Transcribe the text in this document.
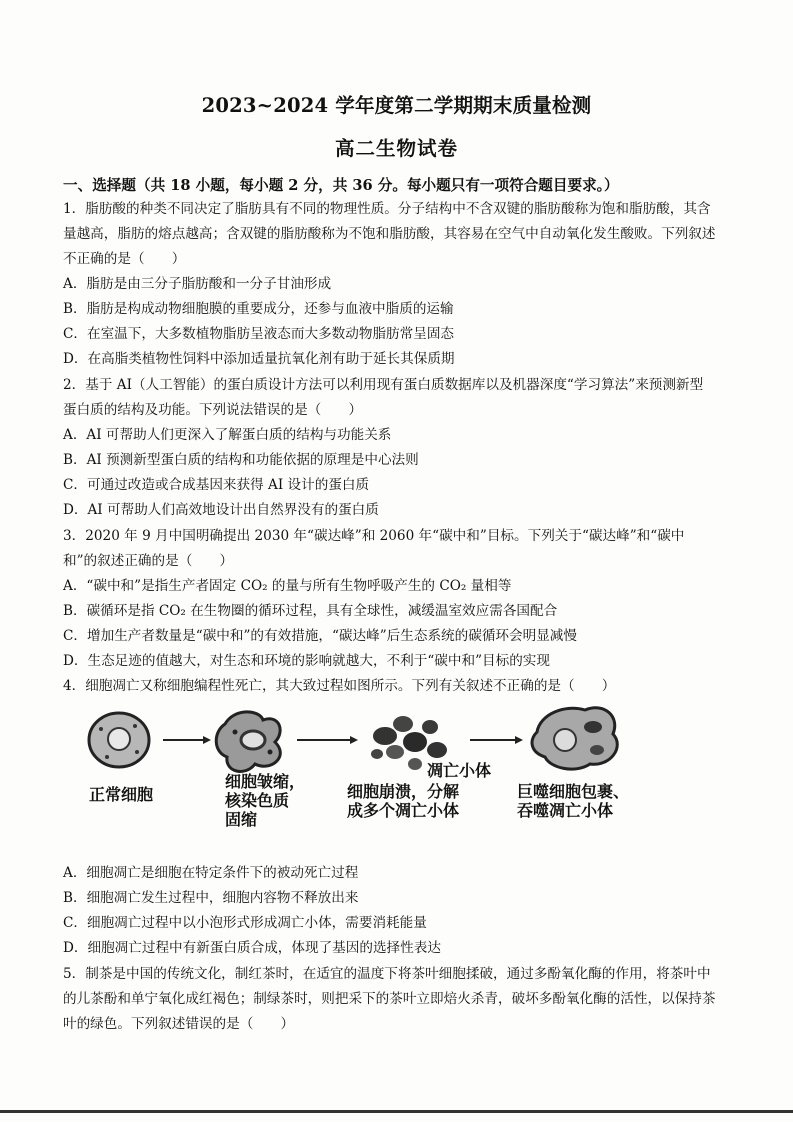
2023~2024 学年度第二学期期末质量检测
高二生物试卷
一、选择题（共 18 小题，每小题 2 分，共 36 分。每小题只有一项符合题目要求。）
1．脂肪酸的种类不同决定了脂肪具有不同的物理性质。分子结构中不含双键的脂肪酸称为饱和脂肪酸，其含
量越高，脂肪的熔点越高；含双键的脂肪酸称为不饱和脂肪酸，其容易在空气中自动氧化发生酸败。下列叙述
不正确的是（　　）
A．脂肪是由三分子脂肪酸和一分子甘油形成
B．脂肪是构成动物细胞膜的重要成分，还参与血液中脂质的运输
C．在室温下，大多数植物脂肪呈液态而大多数动物脂肪常呈固态
D．在高脂类植物性饲料中添加适量抗氧化剂有助于延长其保质期
2．基于 AI（人工智能）的蛋白质设计方法可以利用现有蛋白质数据库以及机器深度“学习算法”来预测新型
蛋白质的结构及功能。下列说法错误的是（　　）
A．AI 可帮助人们更深入了解蛋白质的结构与功能关系
B．AI 预测新型蛋白质的结构和功能依据的原理是中心法则
C．可通过改造或合成基因来获得 AI 设计的蛋白质
D．AI 可帮助人们高效地设计出自然界没有的蛋白质
3．2020 年 9 月中国明确提出 2030 年“碳达峰”和 2060 年“碳中和”目标。下列关于“碳达峰”和“碳中
和”的叙述正确的是（　　）
A．“碳中和”是指生产者固定 CO₂ 的量与所有生物呼吸产生的 CO₂ 量相等
B．碳循环是指 CO₂ 在生物圈的循环过程，具有全球性，减缓温室效应需各国配合
C．增加生产者数量是“碳中和”的有效措施，“碳达峰”后生态系统的碳循环会明显减慢
D．生态足迹的值越大，对生态和环境的影响就越大，不利于“碳中和”目标的实现
4．细胞凋亡又称细胞编程性死亡，其大致过程如图所示。下列有关叙述不正确的是（　　）
正常细胞
细胞皱缩，
核染色质
固缩
细胞崩溃，分解
成多个凋亡小体
凋亡小体
巨噬细胞包裹、
吞噬凋亡小体
A．细胞凋亡是细胞在特定条件下的被动死亡过程
B．细胞凋亡发生过程中，细胞内容物不释放出来
C．细胞凋亡过程中以小泡形式形成凋亡小体，需要消耗能量
D．细胞凋亡过程中有新蛋白质合成，体现了基因的选择性表达
5．制茶是中国的传统文化，制红茶时，在适宜的温度下将茶叶细胞揉破，通过多酚氧化酶的作用，将茶叶中
的儿茶酚和单宁氧化成红褐色；制绿茶时，则把采下的茶叶立即焙火杀青，破坏多酚氧化酶的活性，以保持茶
叶的绿色。下列叙述错误的是（　　）
